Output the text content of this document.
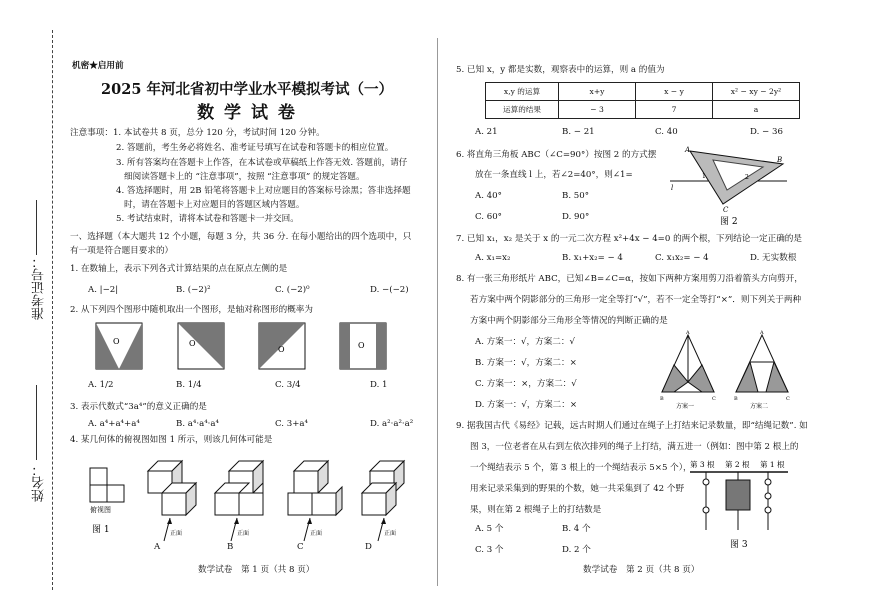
准考证号：
姓名：
机密★启用前
2025 年河北省初中学业水平模拟考试（一）
数 学 试 卷
注意事项：1. 本试卷共 8 页，总分 120 分，考试时间 120 分钟。
2. 答题前，考生务必将姓名、准考证号填写在试卷和答题卡的相应位置。
3. 所有答案均在答题卡上作答，在本试卷或草稿纸上作答无效. 答题前，请仔
细阅读答题卡上的 “注意事项”，按照 “注意事项” 的规定答题。
4. 答选择题时，用 2B 铅笔将答题卡上对应题目的答案标号涂黑；答非选择题
时，请在答题卡上对应题目的答题区域内答题。
5. 考试结束时，请将本试卷和答题卡一并交回。
一、选择题（本大题共 12 个小题，每题 3 分，共 36 分. 在每小题给出的四个选项中，只
有一项是符合题目要求的）
1. 在数轴上，表示下列各式计算结果的点在原点左侧的是
A. |−2|	B. (−2)²	C. (−2)⁰	D. −(−2)
2. 从下列四个图形中随机取出一个图形，是轴对称图形的概率为
O	O
O	O
A. 1/2	B. 1/4	C. 3/4	D. 1
3. 表示代数式“3a⁴”的意义正确的是
A. a⁴+a⁴+a⁴	B. a⁴·a⁴·a⁴	C. 3+a⁴	D. a²·a²·a²
4. 某几何体的俯视图如图 1 所示，则该几何体可能是
俯视图
图 1	正面	正面	正面	正面
A	B	C	D
数学试卷　第 1 页（共 8 页）
5. 已知 x，y 都是实数，观察表中的运算，则 a 的值为
x,y 的运算	x+y	x − y	x² − xy − 2y²
运算的结果	− 3	7	a
A. 21	B. − 21	C. 40	D. − 36
6. 将直角三角板 ABC（∠C=90°）按图 2 的方式摆
放在一条直线 l 上，若∠2=40°，则∠1=
A. 40°	B. 50°
C. 60°	D. 90°
A
B
C
l
1	2
图 2
7. 已知 x₁，x₂ 是关于 x 的一元二次方程 x²+4x − 4=0 的两个根，下列结论一定正确的是
A. x₁=x₂	B. x₁+x₂= − 4	C. x₁x₂= − 4	D. 无实数根
8. 有一张三角形纸片 ABC，已知∠B=∠C=α，按如下两种方案用剪刀沿着箭头方向剪开，
若方案中两个阴影部分的三角形一定全等打“√”，若不一定全等打“×”．则下列关于两种
方案中两个阴影部分三角形全等情况的判断正确的是
A. 方案一：√，方案二：√
B. 方案一：√，方案二：×
C. 方案一：×，方案二：√
D. 方案一：√，方案二：×
A
B	C
方案一
A
B	C
方案二
9. 据我国古代《易经》记载，远古时期人们通过在绳子上打结来记录数量，即“结绳记数”. 如
图 3，一位老者在从右到左依次排列的绳子上打结，满五进一（例如：图中第 2 根上的
一个绳结表示 5 个，第 3 根上的一个绳结表示 5×5 个），
用来记录采集到的野果的个数，她一共采集到了 42 个野
果，则在第 2 根绳子上的打结数是
A. 5 个	B. 4 个
C. 3 个	D. 2 个
第 3 根 第 2 根 第 1 根
图 3
数学试卷　第 2 页（共 8 页）
